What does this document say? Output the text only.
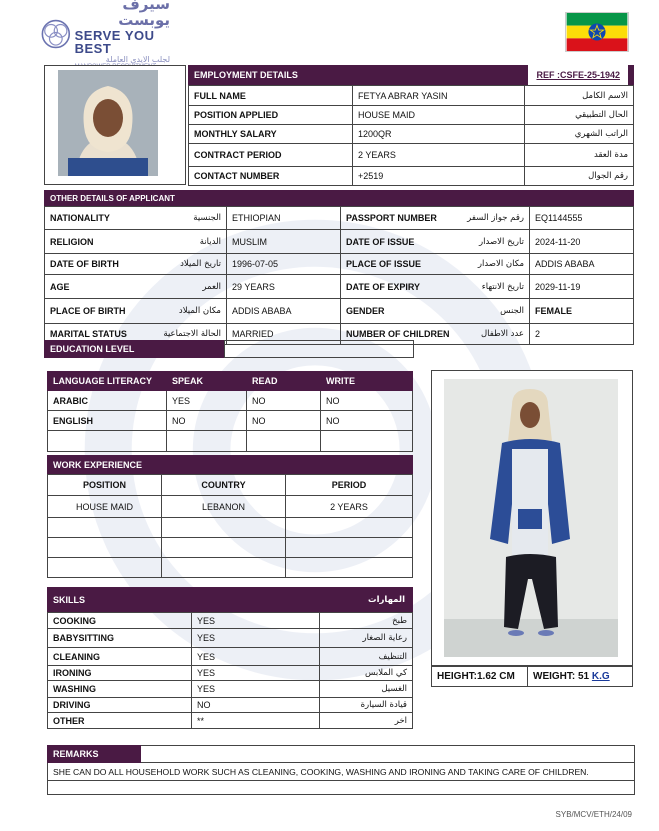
سيرف يوبست
SERVE YOU BEST
لجلب الايدي العاملة
EMPLOYMENT DETAILS	REF :CSFE-25-1942
FULL NAME	FETYA ABRAR YASIN	الاسم الكامل
POSITION APPLIED	HOUSE MAID	الحال التطبيقي
MONTHLY SALARY	1200QR	الراتب الشهري
CONTRACT PERIOD	2 YEARS	مدة العقد
CONTACT NUMBER	+2519	رقم الجوال
OTHER DETAILS OF APPLICANT
NATIONALITY الجنسية	ETHIOPIAN	PASSPORT NUMBER رقم جواز السفر	EQ1144555

RELIGION الديانة	MUSLIM	DATE OF ISSUE تاريخ الاصدار	2024-11-20

DATE OF BIRTH تاريخ الميلاد	1996-07-05	PLACE OF ISSUE مكان الاصدار	ADDIS ABABA

AGE العمر	29 YEARS	DATE OF EXPIRY تاريخ الانتهاء	2029-11-19

PLACE OF BIRTH مكان الميلاد	ADDIS ABABA	GENDER الجنس	FEMALE

MARITAL STATUS الحالة الاجتماعية	MARRIED	NUMBER OF CHILDREN عدد الاطفال	2
EDUCATION LEVEL
LANGUAGE LITERACY	SPEAK	READ	WRITE
ARABIC	YES	NO	NO
ENGLISH	NO	NO	NO

WORK EXPERIENCE
POSITION	COUNTRY	PERIOD
HOUSE MAID	LEBANON	2 YEARS

SKILLS	المهارات
COOKING	YES	طبخ
BABYSITTING	YES	رعاية الصغار
CLEANING	YES	التنظيف
IRONING	YES	كي الملابس
WASHING	YES	الغسيل
DRIVING	NO	قيادة السيارة
OTHER	**	اخر
HEIGHT:1.62 CM	WEIGHT: 51 K.G
REMARKS
SHE CAN DO ALL HOUSEHOLD WORK SUCH AS CLEANING, COOKING, WASHING AND IRONING AND TAKING CARE OF CHILDREN.
SYB/MCV/ETH/24/09
